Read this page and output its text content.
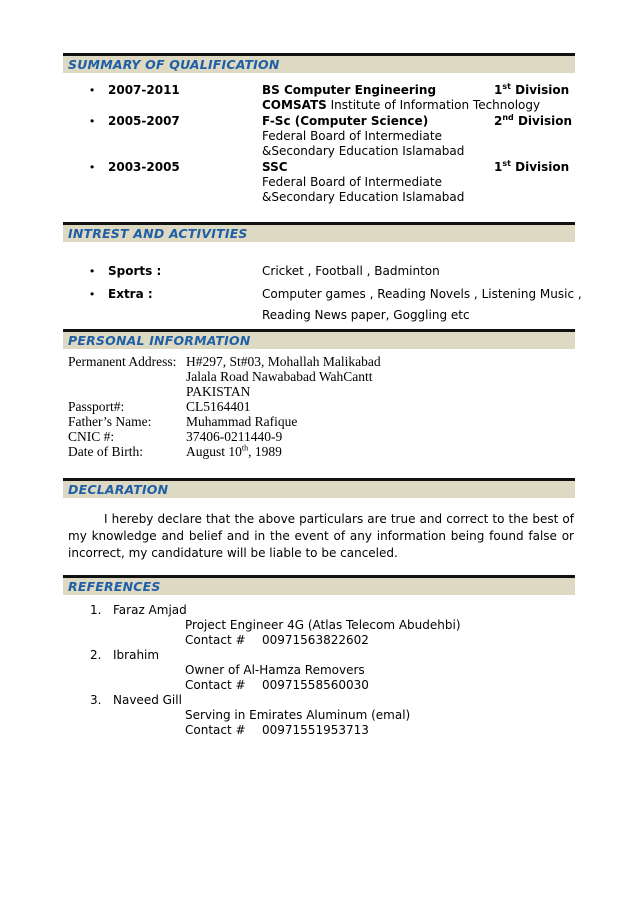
SUMMARY OF QUALIFICATION
• 2007-2011	BS Computer Engineering	1st Division
COMSATS Institute of Information Technology
• 2005-2007	F-Sc (Computer Science)	2nd Division
Federal Board of Intermediate
&Secondary Education Islamabad
• 2003-2005	SSC	1st Division
Federal Board of Intermediate
&Secondary Education Islamabad
INTREST AND ACTIVITIES
• Sports :	Cricket , Football , Badminton
• Extra :	Computer games , Reading Novels , Listening Music ,
Reading News paper, Goggling etc
PERSONAL INFORMATION
Permanent Address: H#297, St#03, Mohallah Malikabad
Jalala Road Nawababad WahCantt
PAKISTAN
Passport#:	CL5164401
Father’s Name:	Muhammad Rafique
CNIC #:	37406-0211440-9
Date of Birth:	August 10th, 1989
DECLARATION
I hereby declare that the above particulars are true and correct to the best of my knowledge and belief and in the event of any information being found false or incorrect, my candidature will be liable to be canceled.
REFERENCES
1. Faraz Amjad
Project Engineer 4G (Atlas Telecom Abudehbi)
Contact # 00971563822602
2. Ibrahim
Owner of Al-Hamza Removers
Contact # 00971558560030
3. Naveed Gill
Serving in Emirates Aluminum (emal)
Contact # 00971551953713
